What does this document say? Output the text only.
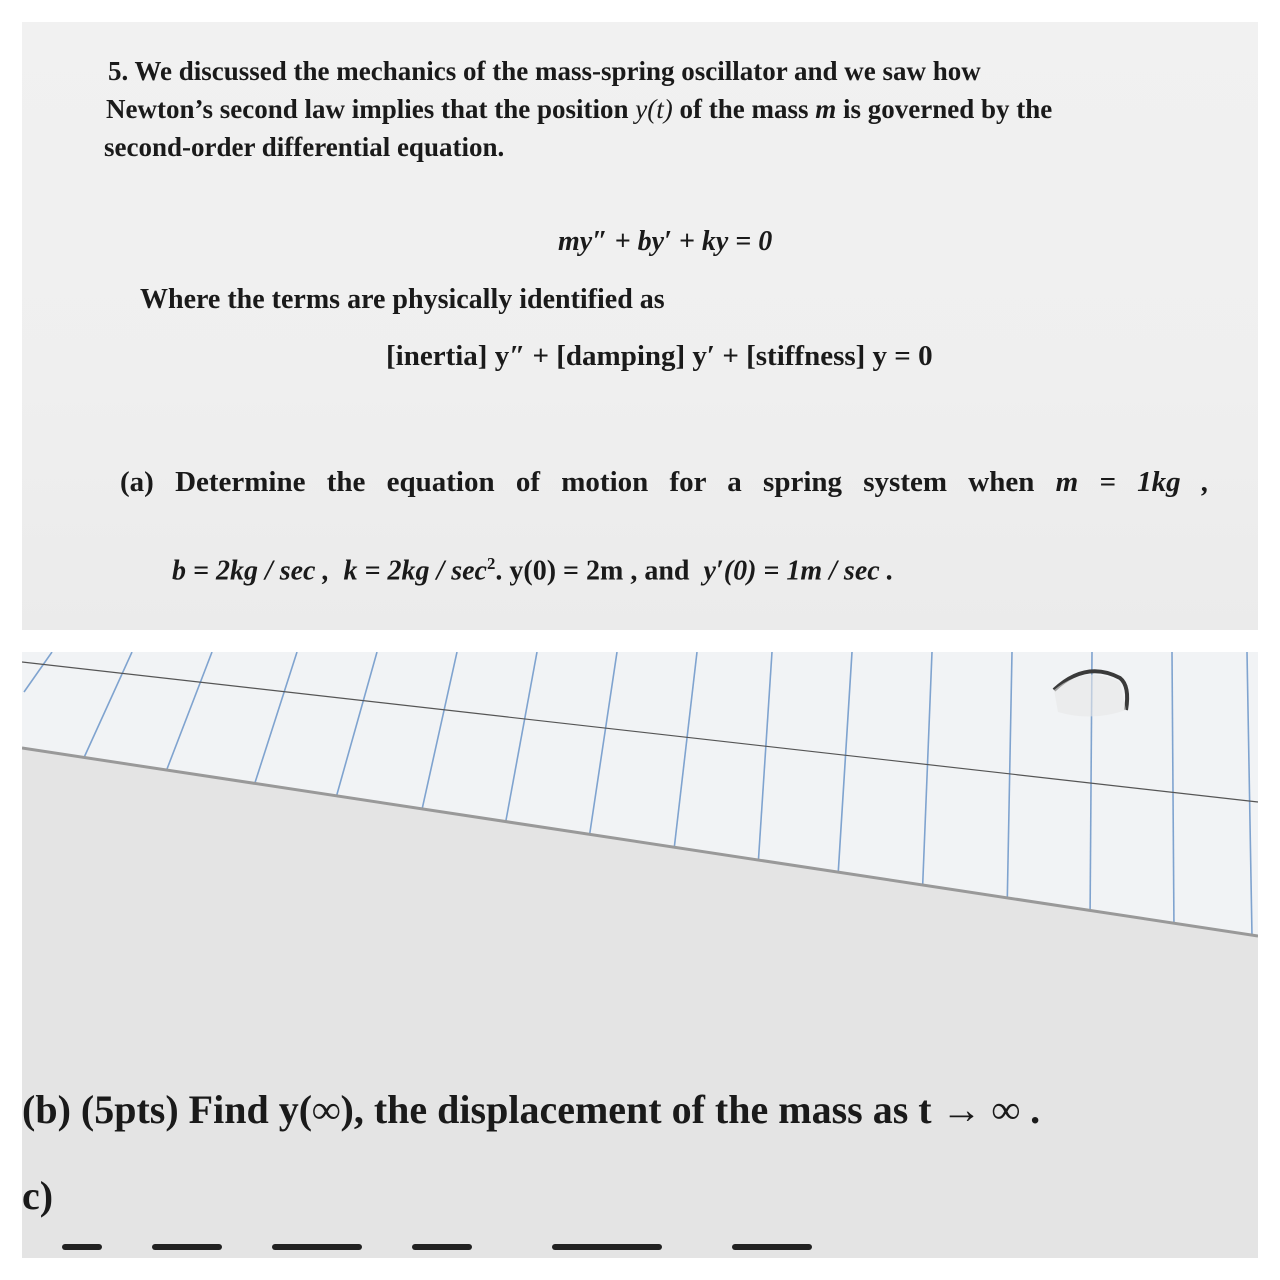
5. We discussed the mechanics of the mass-spring oscillator and we saw how
Newton’s second law implies that the position y(t) of the mass m is governed by the
second-order differential equation.
my″ + by′ + ky = 0
Where the terms are physically identified as
[inertia] y″ + [damping] y′ + [stiffness] y = 0
(a) Determine the equation of motion for a spring system when m = 1kg ,
b = 2kg / sec , $k = 2kg / \sec^2$. y(0) = 2m , and y′(0) = 1m / sec .
(b) (5pts) Find y(∞), the displacement of the mass as t → ∞ .
c)
